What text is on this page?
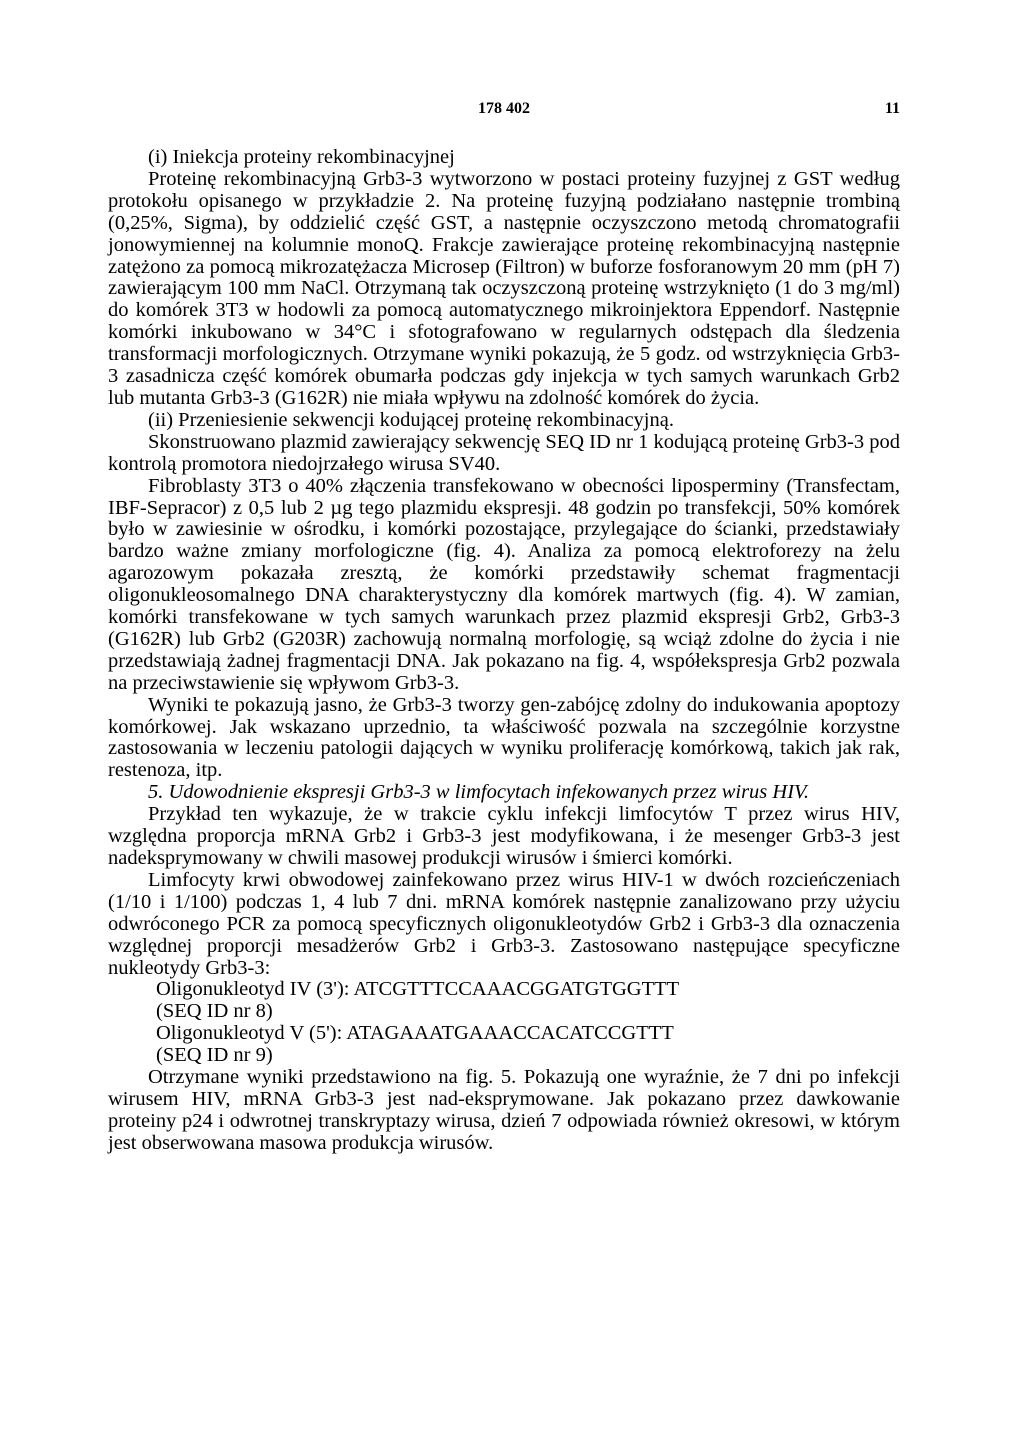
178 402	11

(i) Iniekcja proteiny rekombinacyjnej

Proteinę rekombinacyjną Grb3-3 wytworzono w postaci proteiny fuzyjnej z GST według protokołu opisanego w przykładzie 2. Na proteinę fuzyjną podziałano następnie trombiną (0,25%, Sigma), by oddzielić część GST, a następnie oczyszczono metodą chromatografii jonowymiennej na kolumnie monoQ. Frakcje zawierające proteinę rekombinacyjną następnie zatężono za pomocą mikrozatężacza Microsep (Filtron) w buforze fosforanowym 20 mm (pH 7) zawierającym 100 mm NaCl. Otrzymaną tak oczyszczoną proteinę wstrzyknięto (1 do 3 mg/ml) do komórek 3T3 w hodowli za pomocą automatycznego mikroinjektora Eppendorf. Następnie komórki inkubowano w 34°C i sfotografowano w regularnych odstępach dla śledzenia transformacji morfologicznych. Otrzymane wyniki pokazują, że 5 godz. od wstrzyknięcia Grb3-3 zasadnicza część komórek obumarła podczas gdy injekcja w tych samych warunkach Grb2 lub mutanta Grb3-3 (G162R) nie miała wpływu na zdolność komórek do życia.

(ii) Przeniesienie sekwencji kodującej proteinę rekombinacyjną.

Skonstruowano plazmid zawierający sekwencję SEQ ID nr 1 kodującą proteinę Grb3-3 pod kontrolą promotora niedojrzałego wirusa SV40.

Fibroblasty 3T3 o 40% złączenia transfekowano w obecności liposperminy (Transfectam, IBF-Sepracor) z 0,5 lub 2 µg tego plazmidu ekspresji. 48 godzin po transfekcji, 50% komórek było w zawiesinie w ośrodku, i komórki pozostające, przylegające do ścianki, przedstawiały bardzo ważne zmiany morfologiczne (fig. 4). Analiza za pomocą elektroforezy na żelu agarozowym pokazała zresztą, że komórki przedstawiły schemat fragmentacji oligonukleosomalnego DNA charakterystyczny dla komórek martwych (fig. 4). W zamian, komórki transfekowane w tych samych warunkach przez plazmid ekspresji Grb2, Grb3-3 (G162R) lub Grb2 (G203R) zachowują normalną morfologię, są wciąż zdolne do życia i nie przedstawiają żadnej fragmentacji DNA. Jak pokazano na fig. 4, współekspresja Grb2 pozwala na przeciwstawienie się wpływom Grb3-3.

Wyniki te pokazują jasno, że Grb3-3 tworzy gen-zabójcę zdolny do indukowania apoptozy komórkowej. Jak wskazano uprzednio, ta właściwość pozwala na szczególnie korzystne zastosowania w leczeniu patologii dających w wyniku proliferację komórkową, takich jak rak, restenoza, itp.

5. Udowodnienie ekspresji Grb3-3 w limfocytach infekowanych przez wirus HIV.

Przykład ten wykazuje, że w trakcie cyklu infekcji limfocytów T przez wirus HIV, względna proporcja mRNA Grb2 i Grb3-3 jest modyfikowana, i że mesenger Grb3-3 jest nadeksprymowany w chwili masowej produkcji wirusów i śmierci komórki.

Limfocyty krwi obwodowej zainfekowano przez wirus HIV-1 w dwóch rozcieńczeniach (1/10 i 1/100) podczas 1, 4 lub 7 dni. mRNA komórek następnie zanalizowano przy użyciu odwróconego PCR za pomocą specyficznych oligonukleotydów Grb2 i Grb3-3 dla oznaczenia względnej proporcji mesadżerów Grb2 i Grb3-3. Zastosowano następujące specyficzne nukleotydy Grb3-3:

Oligonukleotyd IV (3'): ATCGTTTCCAAACGGATGTGGTTT

(SEQ ID nr 8)

Oligonukleotyd V (5'): ATAGAAATGAAACCACATCCGTTT

(SEQ ID nr 9)

Otrzymane wyniki przedstawiono na fig. 5. Pokazują one wyraźnie, że 7 dni po infekcji wirusem HIV, mRNA Grb3-3 jest nad-eksprymowane. Jak pokazano przez dawkowanie proteiny p24 i odwrotnej transkryptazy wirusa, dzień 7 odpowiada również okresowi, w którym jest obserwowana masowa produkcja wirusów.
